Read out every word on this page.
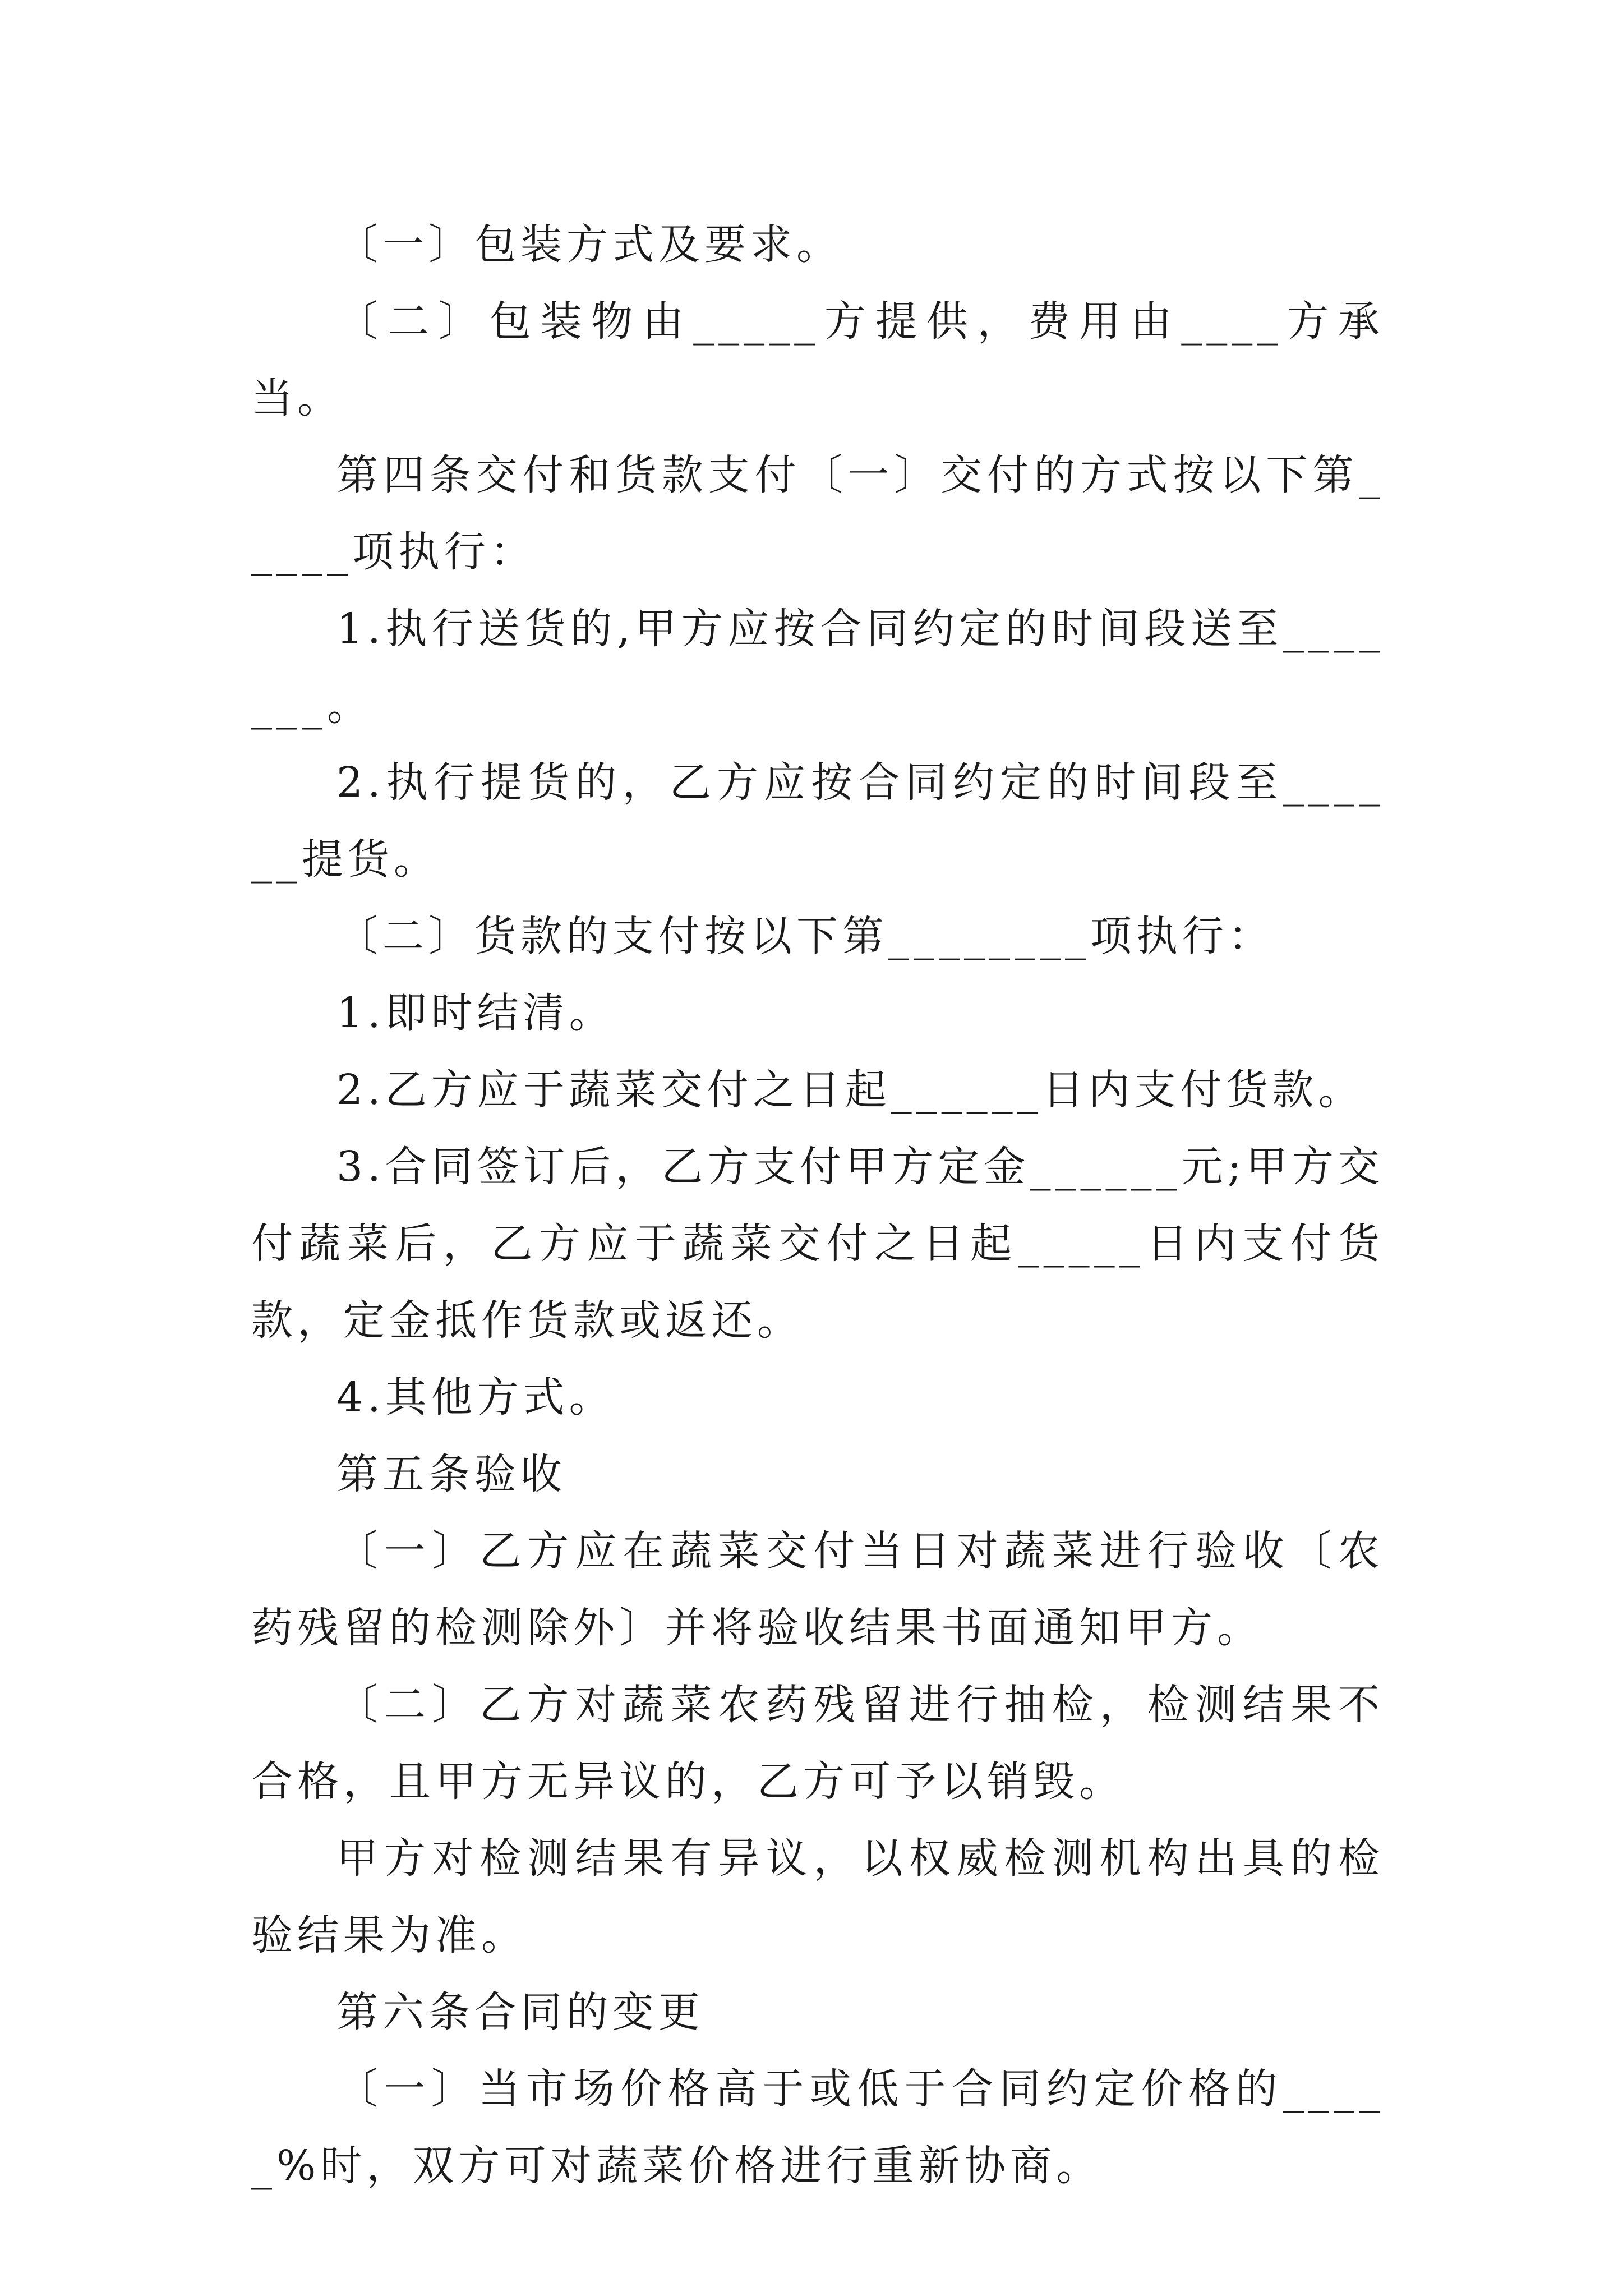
〔一〕包装方式及要求。

〔二〕包装物由_____方提供，费用由____方承当。

第四条交付和货款支付〔一〕交付的方式按以下第_____项执行：

1.执行送货的,甲方应按合同约定的时间段送至_______。

2.执行提货的，乙方应按合同约定的时间段至______提货。

〔二〕货款的支付按以下第________项执行：

1.即时结清。

2.乙方应于蔬菜交付之日起______日内支付货款。

3.合同签订后，乙方支付甲方定金______元;甲方交付蔬菜后，乙方应于蔬菜交付之日起_____日内支付货款，定金抵作货款或返还。

4.其他方式。

第五条验收

〔一〕乙方应在蔬菜交付当日对蔬菜进行验收〔农药残留的检测除外〕并将验收结果书面通知甲方。

〔二〕乙方对蔬菜农药残留进行抽检，检测结果不合格，且甲方无异议的，乙方可予以销毁。

甲方对检测结果有异议，以权威检测机构出具的检验结果为准。

第六条合同的变更

〔一〕当市场价格高于或低于合同约定价格的_____%时，双方可对蔬菜价格进行重新协商。
